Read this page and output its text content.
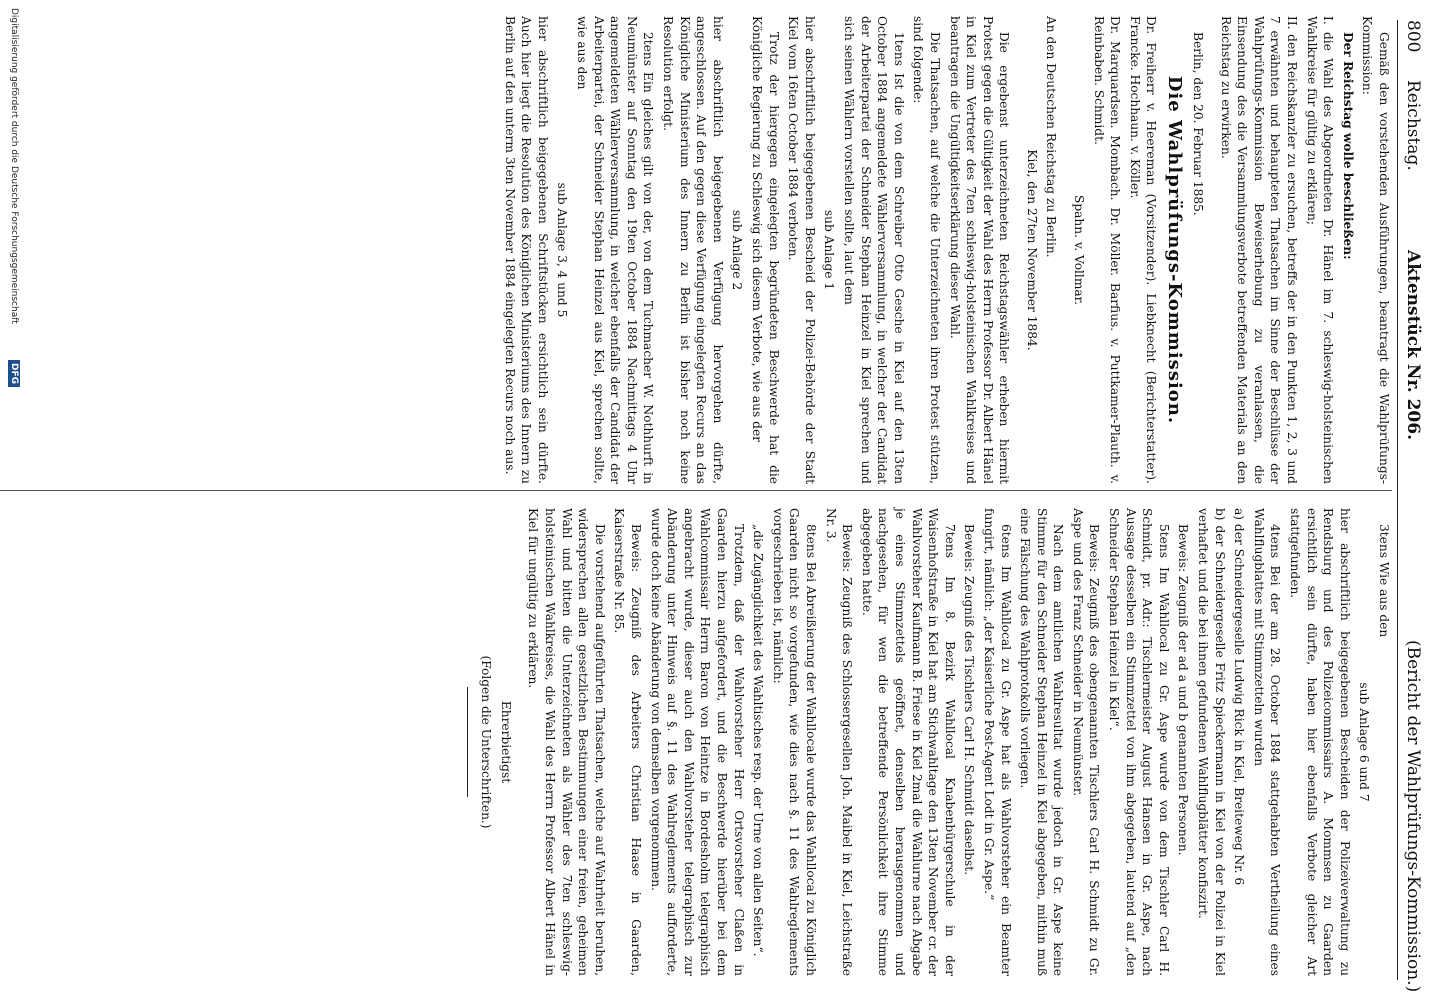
800
Reichstag.
Aktenstück Nr. 206.
(Bericht der Wahlprüfungs-Kommission.)

Gemäß den vorstehenden Ausführungen, beantragt die Wahlprüfungs-Kommission:

Der Reichstag wolle beschließen:

I. die Wahl des Abgeordneten Dr. Hänel im 7. schleswig-holsteinischen Wahlkreise für gültig zu erklären;

II. den Reichskanzler zu ersuchen, betreffs der in den Punkten 1, 2, 3 und 7 erwähnten und behaupteten Thatsachen im Sinne der Beschlüsse der Wahlprüfungs-Kommission Beweiserhebung zu veranlassen, die Einsendung des die Versammlungsverbote betreffenden Materials an den Reichstag zu erwirken.

Berlin, den 20. Februar 1885.

Die Wahlprüfungs-Kommission.

Dr. Freiherr v. Heereman (Vorsitzender). Liebknecht (Berichterstatter). Francke. Hochhaun. v. Köller.

Dr. Marquardsen. Mombach. Dr. Möller. Barfius. v. Puttkamer-Plauth. v. Reinbaben. Schmidt.

Spahn. v. Vollmar.

An den Deutschen Reichstag zu Berlin.

Kiel, den 27ten November 1884.

Die ergebenst unterzeichneten Reichstagswähler erheben hiermit Protest gegen die Gültigkeit der Wahl des Herrn Professor Dr. Albert Hänel in Kiel zum Vertreter des 7ten schleswig-holsteinischen Wahlkreises und beantragen die Ungültigkeitserklärung dieser Wahl.

Die Thatsachen, auf welche die Unterzeichneten ihren Protest stützen, sind folgende:

1tens Ist die von dem Schreiber Otto Gesche in Kiel auf den 13ten October 1884 angemeldete Wählerversammlung, in welcher der Candidat der Arbeiterpartei der Schneider Stephan Heinzel in Kiel sprechen und sich seinen Wählern vorstellen sollte, laut dem

sub Anlage 1

hier abschriftlich beigegebenen Bescheid der Polizei-Behörde der Stadt Kiel vom 16ten October 1884 verboten.

Trotz der hiergegen eingelegten begründeten Beschwerde hat die Königliche Regierung zu Schleswig sich diesem Verbote, wie aus der

sub Anlage 2

hier abschriftlich beigegebenen Verfügung hervorgehen dürfte, angeschlossen. Auf den gegen diese Verfügung eingelegten Recurs an das Königliche Ministerium des Innern zu Berlin ist bisher noch keine Resolution erfolgt.

2tens Ein gleiches gilt von der, von dem Tuchmacher W. Nothhurft in Neumünster auf Sonntag den 19ten October 1884 Nachmittags 4 Uhr angemeldeten Wählerversammlung, in welcher ebenfalls der Candidat der Arbeiterpartei, der Schneider Stephan Heinzel aus Kiel, sprechen sollte, wie aus den

sub Anlage 3, 4 und 5

hier abschriftlich beigegebenen Schriftstücken ersichtlich sein dürfte. Auch hier liegt die Resolution des Königlichen Ministeriums des Innern zu Berlin auf den unterm 3ten November 1884 eingelegten Recurs noch aus.

3tens Wie aus den

sub Anlage 6 und 7

hier abschriftlich beigegebenen Bescheiden der Polizeiverwaltung zu Rendsburg und des Polizeicommissairs A. Mommsen zu Gaarden ersichtlich sein dürfte, haben hier ebenfalls Verbote gleicher Art stattgefunden.

4tens Bei der am 28. October 1884 stattgehabten Vertheilung eines Wahlflugblattes mit Stimmzetteln wurden

a) der Schneidergeselle Ludwig Rick in Kiel, Breiteweg Nr. 6

b) der Schneidergeselle Fritz Spieckermann in Kiel von der Polizei in Kiel verhaftet und die bei ihnen gefundenen Wahlflugblätter konfiszirt.

Beweis: Zeugniß der ad a und b genannten Personen.

5tens Im Wahllocal zu Gr. Aspe wurde von dem Tischler Carl H. Schmidt, pr. Adr.: Tischlermeister August Hansen in Gr. Aspe, nach Aussage desselben ein Stimmzettel von ihm abgegeben, lautend auf „den Schneider Stephan Heinzel in Kiel“.

Beweis: Zeugniß des obengenannten Tischlers Carl H. Schmidt zu Gr. Aspe und des Franz Schneider in Neumünster.

Nach dem amtlichen Wahlresultat wurde jedoch in Gr. Aspe keine Stimme für den Schneider Stephan Heinzel in Kiel abgegeben, mithin muß eine Fälschung des Wahlprotokolls vorliegen.

6tens Im Wahllocal zu Gr. Aspe hat als Wahlvorsteher ein Beamter fungirt, nämlich: „der Kaiserliche Post-Agent Lodt in Gr. Aspe.“

Beweis: Zeugniß des Tischlers Carl H. Schmidt daselbst.

7tens Im 8. Bezirk Wahllocal Knabenbürgerschule in der Waisenhofstraße in Kiel hat am Stichwahltage den 13ten November cr. der Wahlvorsteher Kaufmann B. Friese in Kiel 2mal die Wahlurne nach Abgabe je eines Stimmzettels geöffnet, denselben herausgenommen und nachgesehen, für wen die betreffende Persönlichkeit ihre Stimme abgegeben hatte.

Beweis: Zeugniß des Schlossergesellen Joh. Maibel in Kiel, Leichstraße Nr. 3.

8tens Bei Abreißierung der Wahllocale wurde das Wahllocal zu Königlich Gaarden nicht so vorgefunden, wie dies nach §. 11 des Wahlreglements vorgeschrieben ist, nämlich:

„die Zugänglichkeit des Wahltisches resp. der Urne von allen Seiten“.

Trotzdem, daß der Wahlvorsteher Herr Ortsvorsteher Claßen in Gaarden hierzu aufgefordert, und die Beschwerde hierüber bei dem Wahlcommissair Herrn Baron von Heintze in Bordesholm telegraphisch angebracht wurde, dieser auch den Wahlvorsteher telegraphisch zur Abänderung unter Hinweis auf §. 11 des Wahlreglements aufforderte, wurde doch keine Abänderung von demselben vorgenommen.

Beweis: Zeugniß des Arbeiters Christian Haase in Gaarden, Kaiserstraße Nr. 85.

Die vorstehend aufgeführten Thatsachen, welche auf Wahrheit beruhen, widersprechen allen gesetzlichen Bestimmungen einer freien, geheimen Wahl und bitten die Unterzeichneten als Wähler des 7ten schleswig-holsteinischen Wahlkreises, die Wahl des Herrn Professor Albert Hänel in Kiel für ungültig zu erklären.

Ehrerbietigst

(Folgen die Unterschriften.)

Digitalisierung gefördert durch die Deutsche Forschungsgemeinschaft
DFG
